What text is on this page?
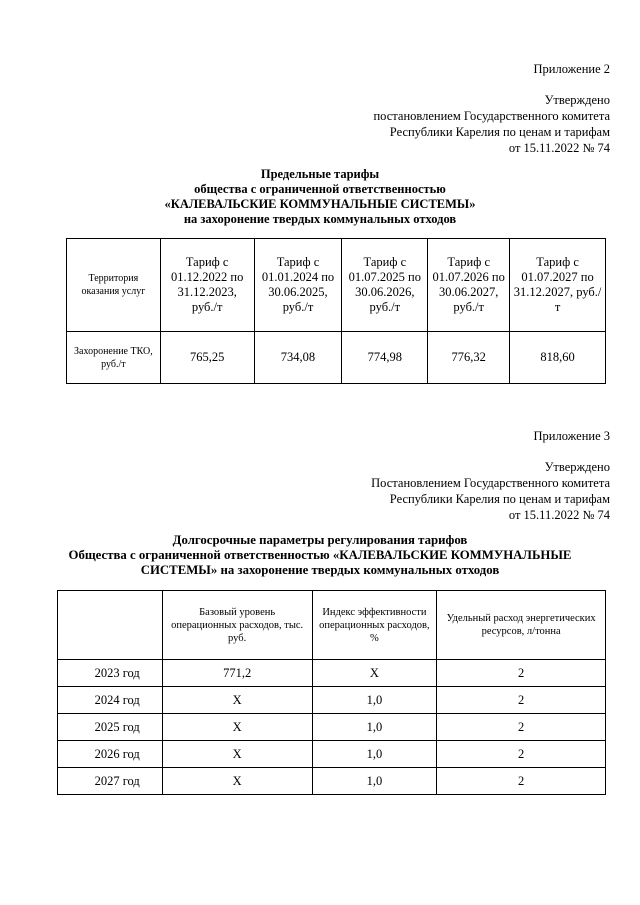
Приложение 2
Утверждено
постановлением Государственного комитета
Республики Карелия по ценам и тарифам
от 15.11.2022 № 74
Предельные тарифы
общества с ограниченной ответственностью
«КАЛЕВАЛЬСКИЕ КОММУНАЛЬНЫЕ СИСТЕМЫ»
на захоронение твердых коммунальных отходов
Территория оказания услуг	Тариф с 01.12.2022 по 31.12.2023, руб./т	Тариф с 01.01.2024 по 30.06.2025, руб./т	Тариф с 01.07.2025 по 30.06.2026, руб./т	Тариф с 01.07.2026 по 30.06.2027, руб./т	Тариф с 01.07.2027 по 31.12.2027, руб./т
Захоронение ТКО, руб./т	765,25	734,08	774,98	776,32	818,60
Приложение 3
Утверждено
Постановлением Государственного комитета
Республики Карелия по ценам и тарифам
от 15.11.2022 № 74
Долгосрочные параметры регулирования тарифов
Общества с ограниченной ответственностью «КАЛЕВАЛЬСКИЕ КОММУНАЛЬНЫЕ
СИСТЕМЫ» на захоронение твердых коммунальных отходов
	Базовый уровень операционных расходов, тыс. руб.	Индекс эффективности операционных расходов, %	Удельный расход энергетических ресурсов, л/тонна
2023 год	771,2	X	2
2024 год	X	1,0	2
2025 год	X	1,0	2
2026 год	X	1,0	2
2027 год	X	1,0	2
